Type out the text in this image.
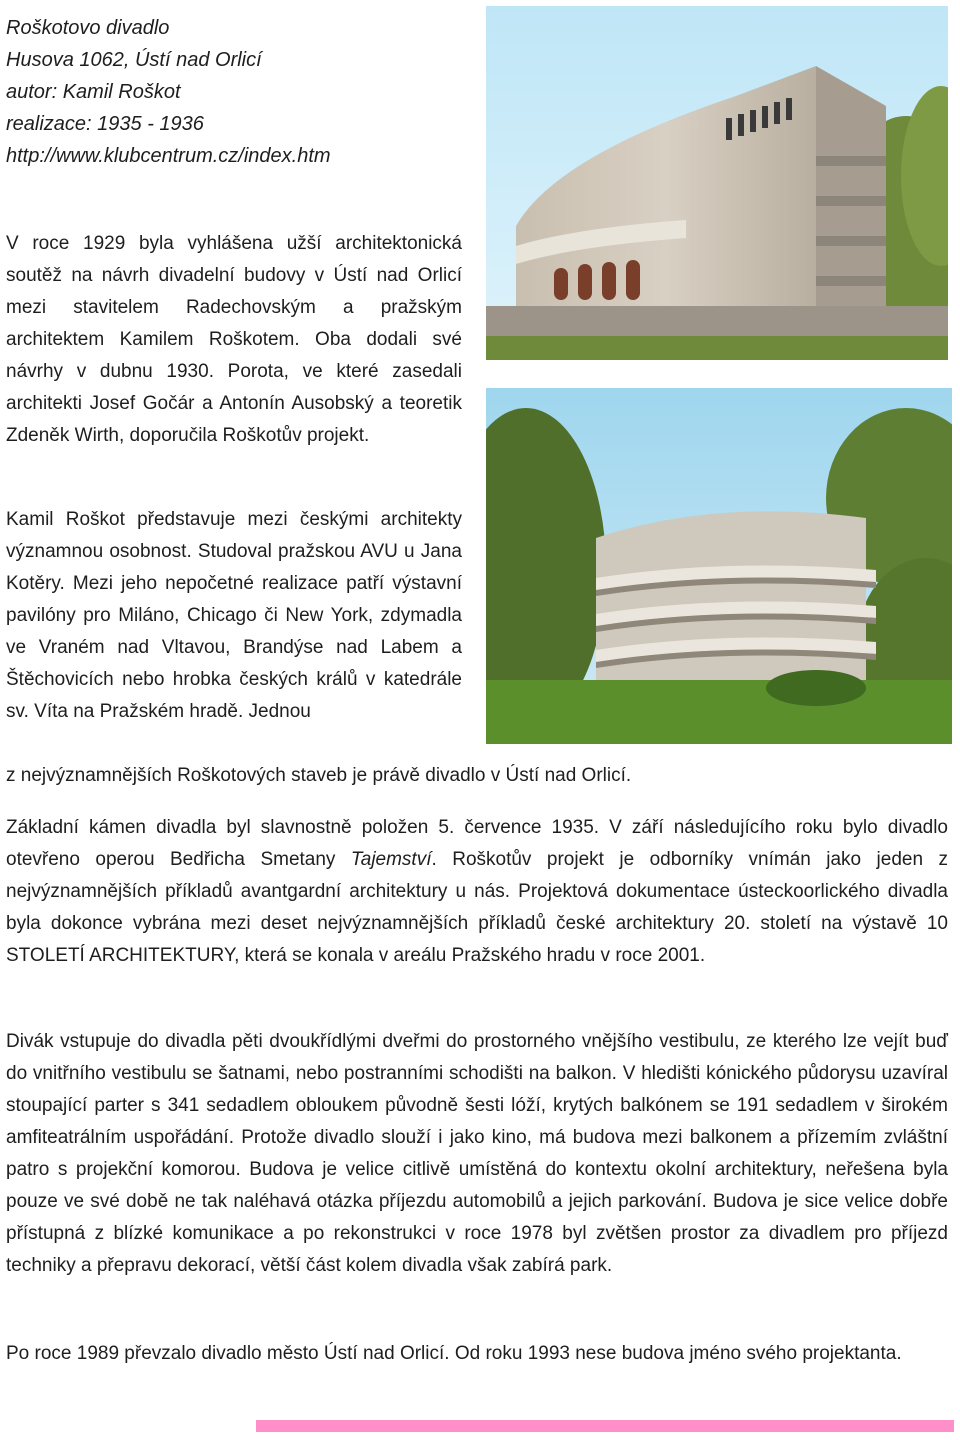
Roškotovo divadlo
Husova 1062, Ústí nad Orlicí
autor: Kamil Roškot
realizace: 1935 - 1936
http://www.klubcentrum.cz/index.htm

V roce 1929 byla vyhlášena užší architektonická soutěž na návrh divadelní budovy v Ústí nad Orlicí mezi stavitelem Radechovským a pražským architektem Kamilem Roškotem. Oba dodali své návrhy v dubnu 1930. Porota, ve které zasedali architekti Josef Gočár a Antonín Ausobský a teoretik Zdeněk Wirth, doporučila Roškotův projekt.

Kamil Roškot představuje mezi českými architekty významnou osobnost. Studoval pražskou AVU u Jana Kotěry. Mezi jeho nepočetné realizace patří výstavní pavilóny pro Miláno, Chicago či New York, zdymadla ve Vraném nad Vltavou, Brandýse nad Labem a Štěchovicích nebo hrobka českých králů v katedrále sv. Víta na Pražském hradě. Jednou

z nejvýznamnějších Roškotových staveb je právě divadlo v Ústí nad Orlicí.

Základní kámen divadla byl slavnostně položen 5. července 1935. V září následujícího roku bylo divadlo otevřeno operou Bedřicha Smetany Tajemství. Roškotův projekt je odborníky vnímán jako jeden z nejvýznamnějších příkladů avantgardní architektury u nás. Projektová dokumentace ústeckoorlického divadla byla dokonce vybrána mezi deset nejvýznamnějších příkladů české architektury 20. století na výstavě 10 STOLETÍ ARCHITEKTURY, která se konala v areálu Pražského hradu v roce 2001.

Divák vstupuje do divadla pěti dvoukřídlými dveřmi do prostorného vnějšího vestibulu, ze kterého lze vejít buď do vnitřního vestibulu se šatnami, nebo postranními schodišti na balkon. V hledišti kónického půdorysu uzavíral stoupající parter s 341 sedadlem obloukem původně šesti lóží, krytých balkónem se 191 sedadlem v širokém amfiteatrálním uspořádání. Protože divadlo slouží i jako kino, má budova mezi balkonem a přízemím zvláštní patro s projekční komorou. Budova je velice citlivě umístěná do kontextu okolní architektury, neřešena byla pouze ve své době ne tak naléhavá otázka příjezdu automobilů a jejich parkování. Budova je sice velice dobře přístupná z blízké komunikace a po rekonstrukci v roce 1978 byl zvětšen prostor za divadlem pro příjezd techniky a přepravu dekorací, větší část kolem divadla však zabírá park.

Po roce 1989 převzalo divadlo město Ústí nad Orlicí. Od roku 1993 nese budova jméno svého projektanta.
